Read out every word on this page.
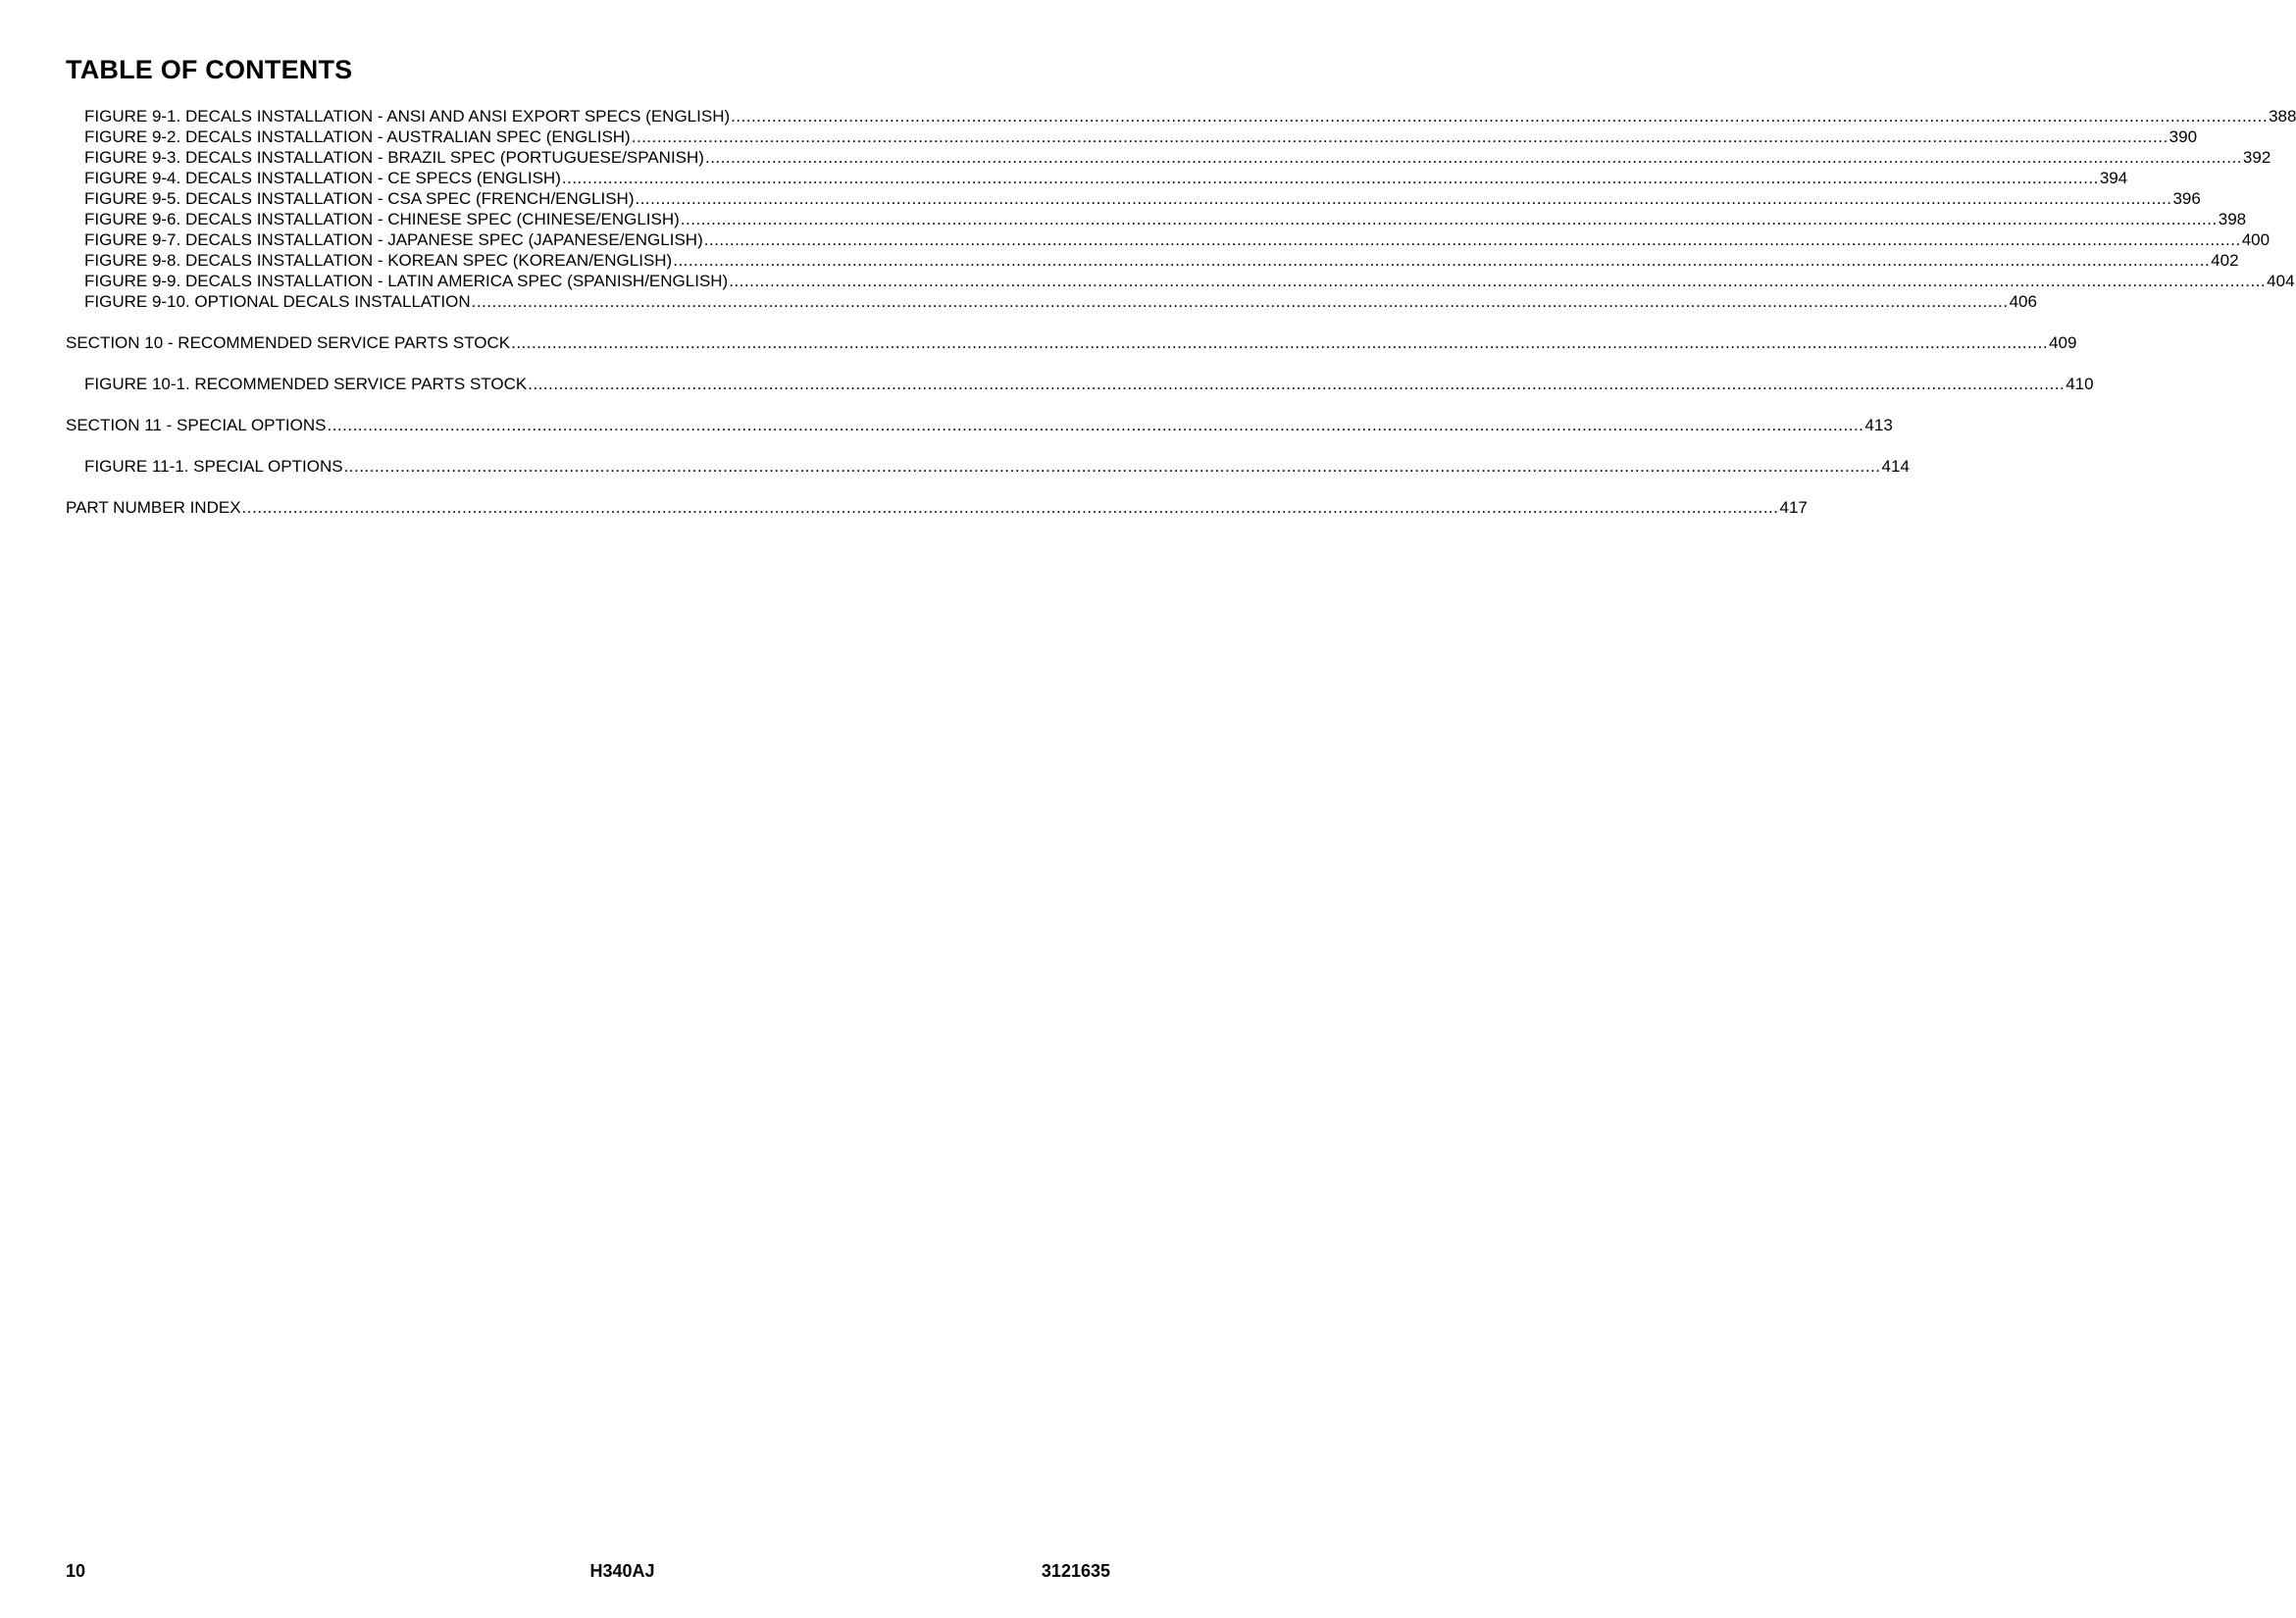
TABLE OF CONTENTS
FIGURE 9-1. DECALS INSTALLATION - ANSI AND ANSI EXPORT SPECS (ENGLISH) ............................................................................................................................................................................................................................................................................................................ 388
FIGURE 9-2. DECALS INSTALLATION - AUSTRALIAN SPEC (ENGLISH) ............................................................................................................................................................................................................................................................................................................ 390
FIGURE 9-3. DECALS INSTALLATION - BRAZIL SPEC (PORTUGUESE/SPANISH) ............................................................................................................................................................................................................................................................................................................ 392
FIGURE 9-4. DECALS INSTALLATION - CE SPECS (ENGLISH) ............................................................................................................................................................................................................................................................................................................ 394
FIGURE 9-5. DECALS INSTALLATION - CSA SPEC (FRENCH/ENGLISH) ............................................................................................................................................................................................................................................................................................................ 396
FIGURE 9-6. DECALS INSTALLATION - CHINESE SPEC (CHINESE/ENGLISH) ............................................................................................................................................................................................................................................................................................................ 398
FIGURE 9-7. DECALS INSTALLATION - JAPANESE SPEC (JAPANESE/ENGLISH) ............................................................................................................................................................................................................................................................................................................ 400
FIGURE 9-8. DECALS INSTALLATION - KOREAN SPEC (KOREAN/ENGLISH) ............................................................................................................................................................................................................................................................................................................ 402
FIGURE 9-9. DECALS INSTALLATION - LATIN AMERICA SPEC (SPANISH/ENGLISH) ............................................................................................................................................................................................................................................................................................................ 404
FIGURE 9-10. OPTIONAL DECALS INSTALLATION ............................................................................................................................................................................................................................................................................................................ 406
SECTION 10 - RECOMMENDED SERVICE PARTS STOCK ............................................................................................................................................................................................................................................................................................................ 409
FIGURE 10-1. RECOMMENDED SERVICE PARTS STOCK ............................................................................................................................................................................................................................................................................................................ 410
SECTION 11 - SPECIAL OPTIONS ............................................................................................................................................................................................................................................................................................................ 413
FIGURE 11-1. SPECIAL OPTIONS ............................................................................................................................................................................................................................................................................................................ 414
PART NUMBER INDEX ............................................................................................................................................................................................................................................................................................................ 417
10	H340AJ	3121635
